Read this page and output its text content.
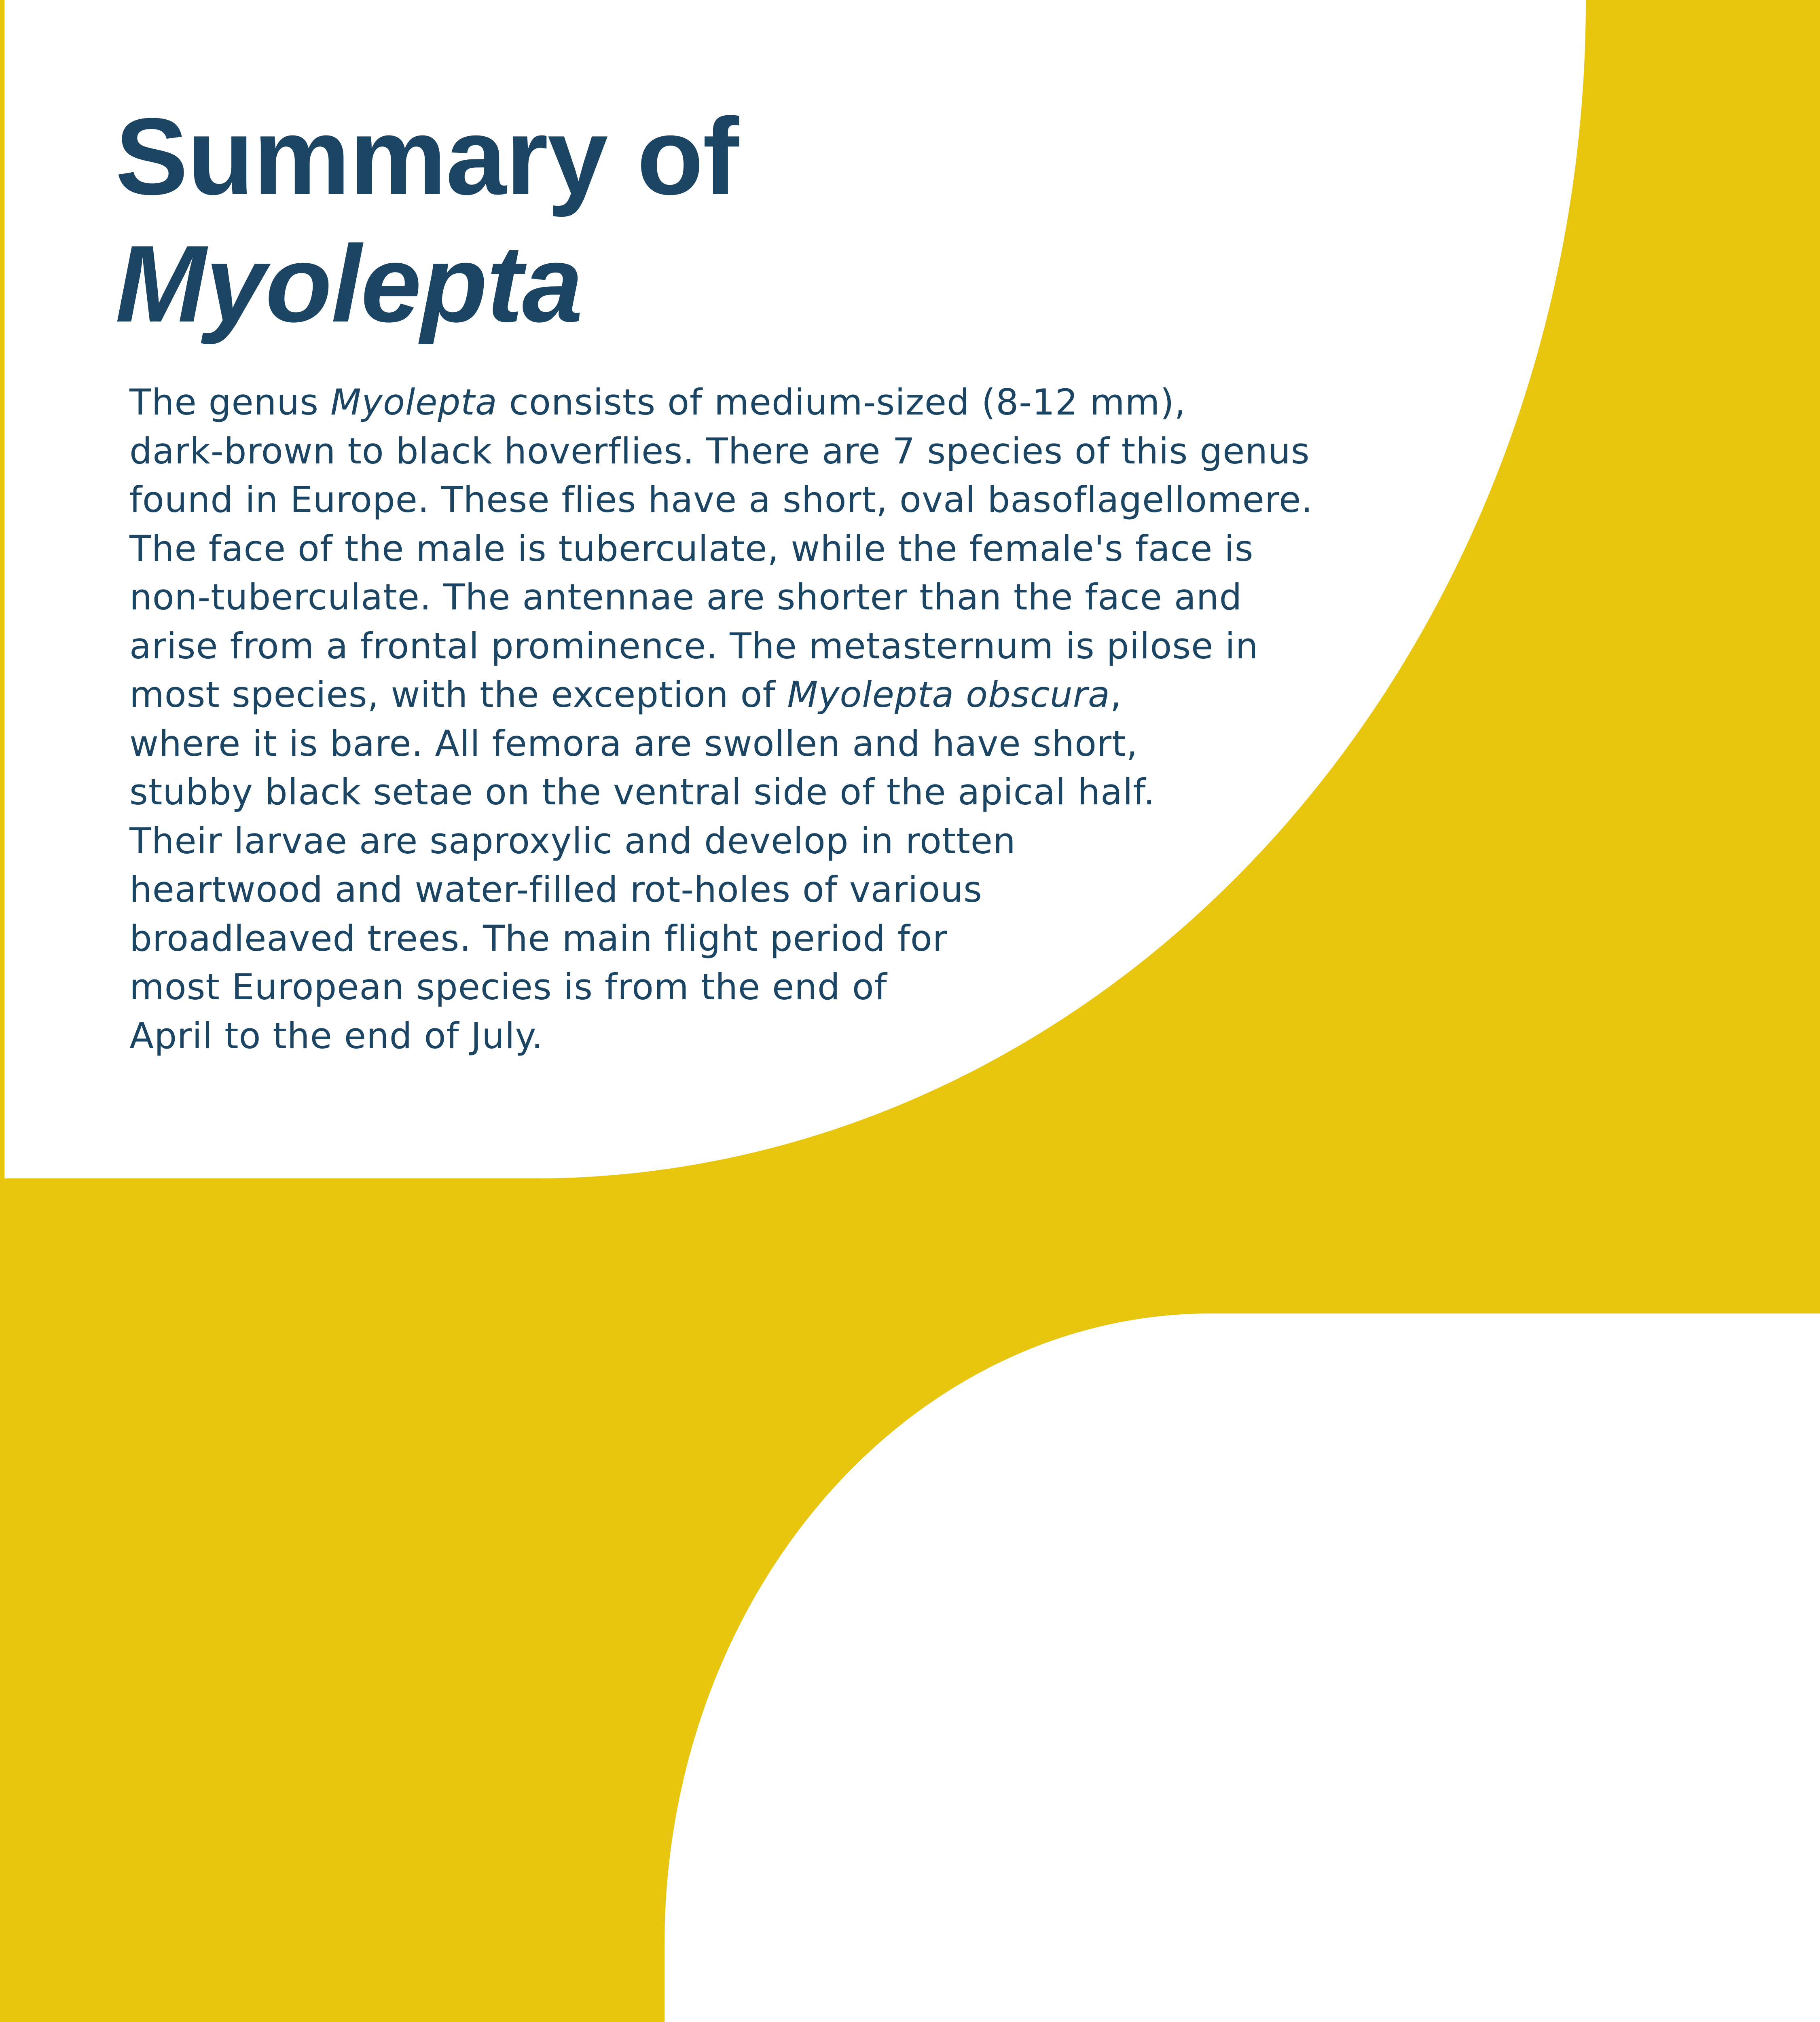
Summary of
Myolepta

The genus Myolepta consists of medium-sized (8-12 mm),
dark-brown to black hoverflies. There are 7 species of this genus
found in Europe. These flies have a short, oval basoflagellomere.
The face of the male is tuberculate, while the female's face is
non-tuberculate. The antennae are shorter than the face and
arise from a frontal prominence. The metasternum is pilose in
most species, with the exception of Myolepta obscura,
where it is bare. All femora are swollen and have short,
stubby black setae on the ventral side of the apical half.
Their larvae are saproxylic and develop in rotten
heartwood and water-filled rot-holes of various
broadleaved trees. The main flight period for
most European species is from the end of
April to the end of July.
